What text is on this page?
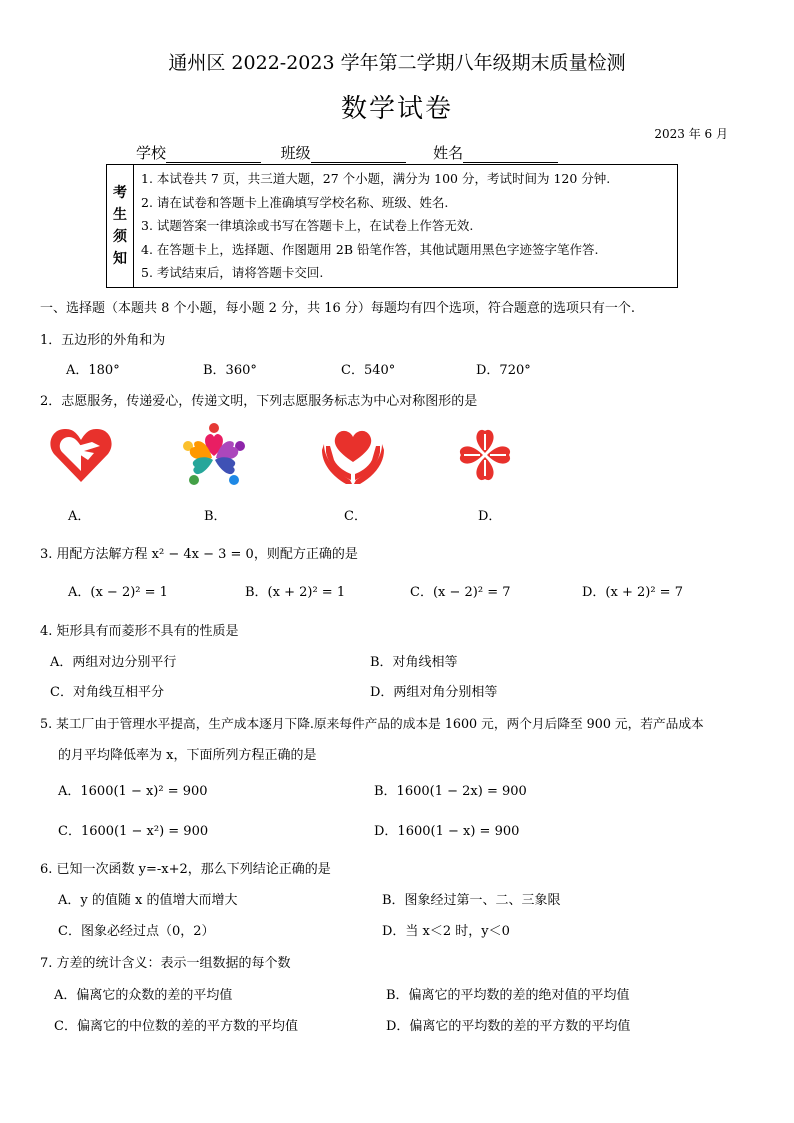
通州区 2022-2023 学年第二学期八年级期末质量检测
数学试卷
2023 年 6 月
学校	班级	姓名
考
生
须
知
1. 本试卷共 7 页，共三道大题，27 个小题，满分为 100 分，考试时间为 120 分钟.
2. 请在试卷和答题卡上准确填写学校名称、班级、姓名.
3. 试题答案一律填涂或书写在答题卡上，在试卷上作答无效.
4. 在答题卡上，选择题、作图题用 2B 铅笔作答，其他试题用黑色字迹签字笔作答.
5. 考试结束后，请将答题卡交回.
一、选择题（本题共 8 个小题，每小题 2 分，共 16 分）每题均有四个选项，符合题意的选项只有一个.
1．五边形的外角和为
A．180°	B．360°	C．540°	D．720°
2．志愿服务，传递爱心，传递文明，下列志愿服务标志为中心对称图形的是
A．	B．	C．	D．
3. 用配方法解方程 x² − 4x − 3 = 0，则配方正确的是
A．(x − 2)² = 1	B．(x + 2)² = 1	C．(x − 2)² = 7	D．(x + 2)² = 7
4. 矩形具有而菱形不具有的性质是
A．两组对边分别平行	B．对角线相等
C．对角线互相平分	D．两组对角分别相等
5. 某工厂由于管理水平提高，生产成本逐月下降.原来每件产品的成本是 1600 元，两个月后降至 900 元，若产品成本
的月平均降低率为 x，下面所列方程正确的是
A．1600(1 − x)² = 900	B．1600(1 − 2x) = 900
C．1600(1 − x²) = 900	D．1600(1 − x) = 900
6. 已知一次函数 y=-x+2，那么下列结论正确的是
A．y 的值随 x 的值增大而增大	B．图象经过第一、二、三象限
C．图象必经过点（0，2）	D．当 x＜2 时，y＜0
7. 方差的统计含义：表示一组数据的每个数
A．偏离它的众数的差的平均值	B．偏离它的平均数的差的绝对值的平均值
C．偏离它的中位数的差的平方数的平均值	D．偏离它的平均数的差的平方数的平均值
